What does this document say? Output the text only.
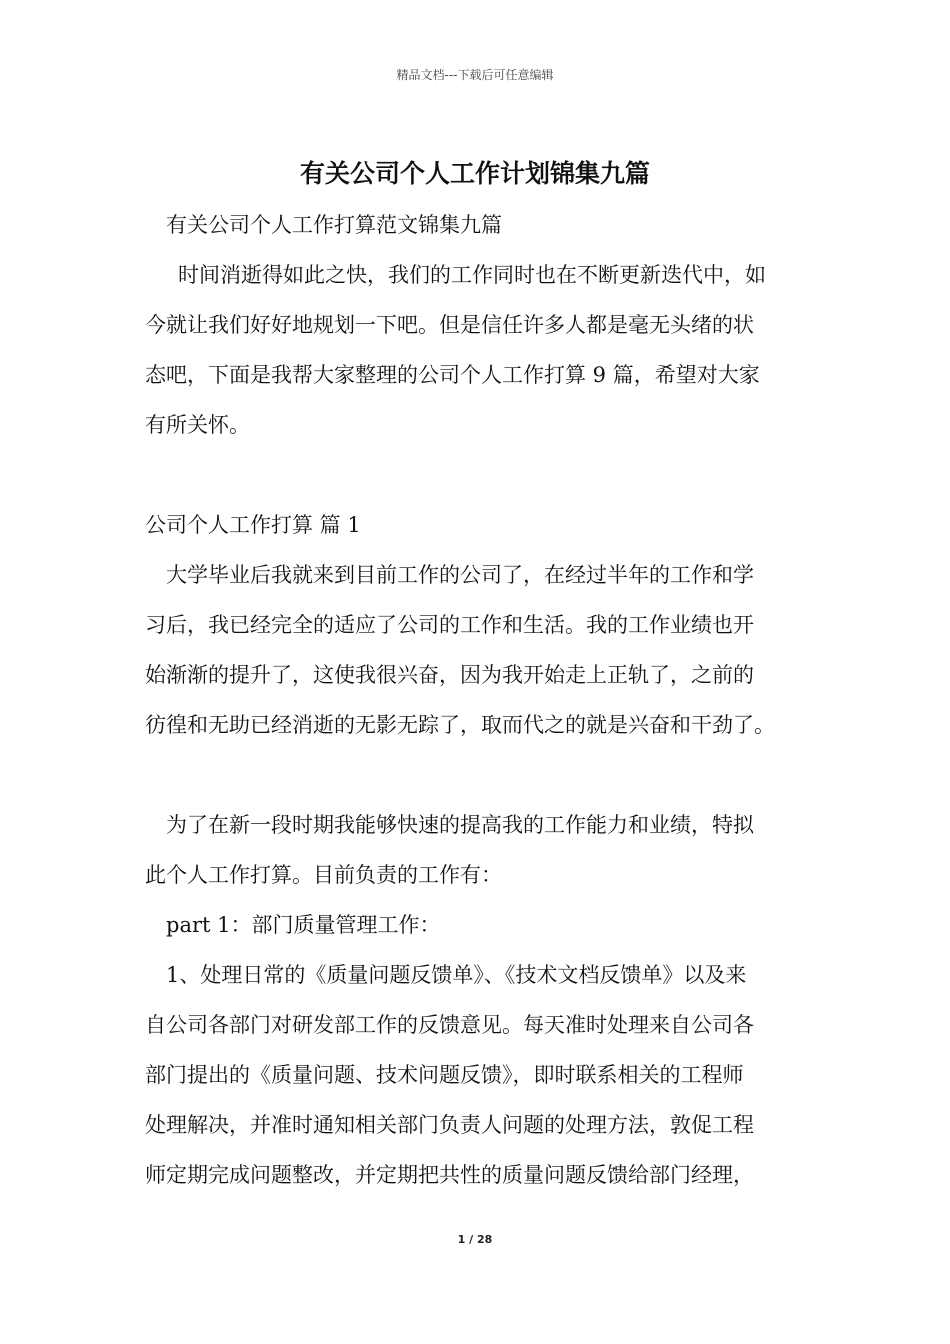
精品文档---下载后可任意编辑
有关公司个人工作计划锦集九篇

有关公司个人工作打算范文锦集九篇

时间消逝得如此之快，我们的工作同时也在不断更新迭代中，如

今就让我们好好地规划一下吧。但是信任许多人都是毫无头绪的状

态吧，下面是我帮大家整理的公司个人工作打算 9 篇，希望对大家

有所关怀。

公司个人工作打算 篇 1

大学毕业后我就来到目前工作的公司了，在经过半年的工作和学

习后，我已经完全的适应了公司的工作和生活。我的工作业绩也开

始渐渐的提升了，这使我很兴奋，因为我开始走上正轨了，之前的

彷徨和无助已经消逝的无影无踪了，取而代之的就是兴奋和干劲了。

为了在新一段时期我能够快速的提高我的工作能力和业绩，特拟

此个人工作打算。目前负责的工作有：

part 1：部门质量管理工作：

1、处理日常的《质量问题反馈单》、《技术文档反馈单》以及来

自公司各部门对研发部工作的反馈意见。每天准时处理来自公司各

部门提出的《质量问题、技术问题反馈》，即时联系相关的工程师

处理解决，并准时通知相关部门负责人问题的处理方法，敦促工程

师定期完成问题整改，并定期把共性的质量问题反馈给部门经理，

1 / 28
